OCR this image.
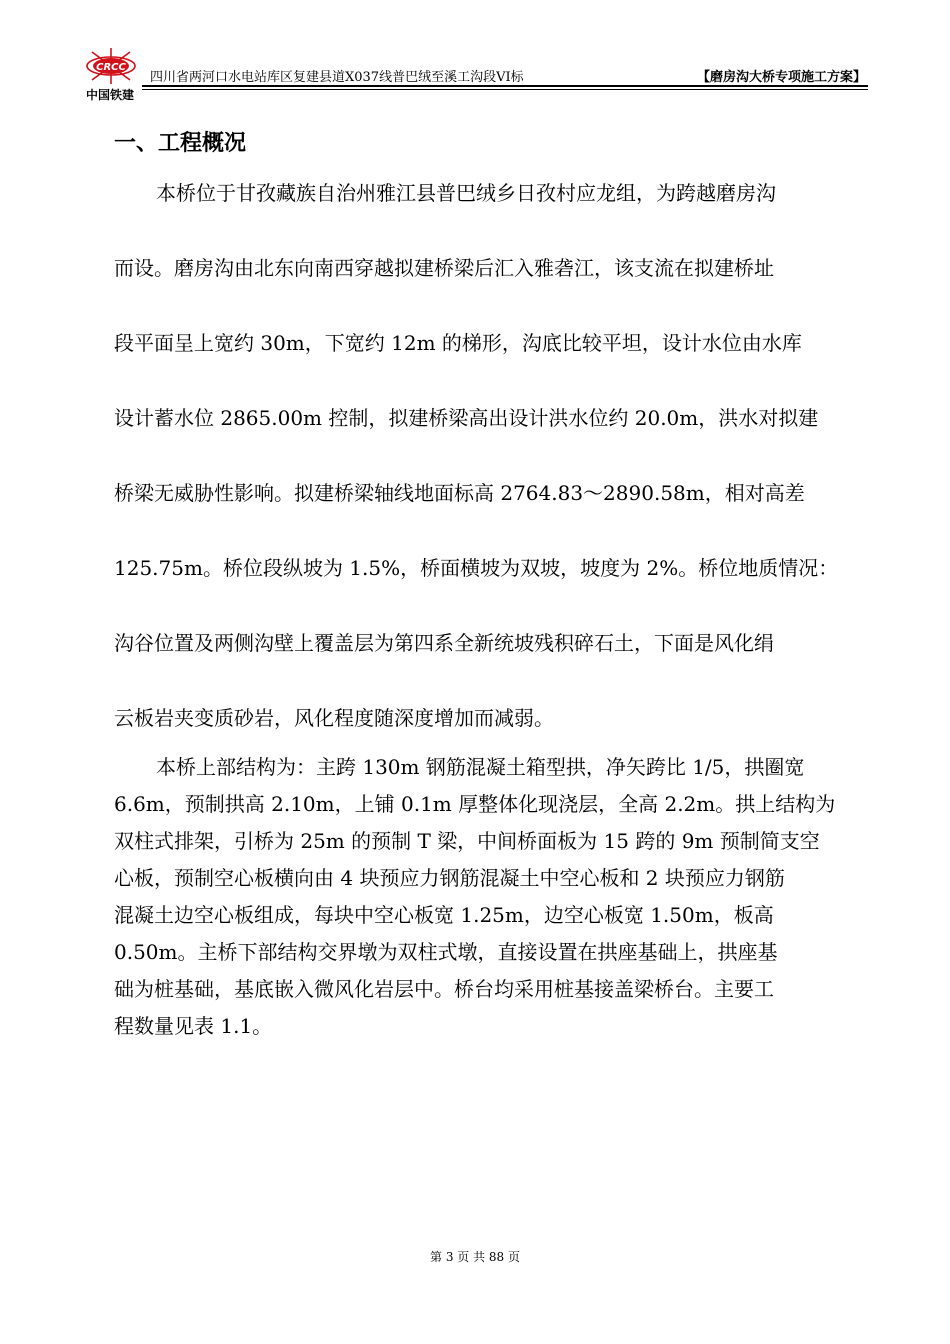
CRCC
中国铁建
四川省两河口水电站库区复建县道X037线普巴绒至溪工沟段VI标	【磨房沟大桥专项施工方案】
一、工程概况
本桥位于甘孜藏族自治州雅江县普巴绒乡日孜村应龙组，为跨越磨房沟
而设。磨房沟由北东向南西穿越拟建桥梁后汇入雅砻江，该支流在拟建桥址
段平面呈上宽约 30m，下宽约 12m 的梯形，沟底比较平坦，设计水位由水库
设计蓄水位 2865.00m 控制，拟建桥梁高出设计洪水位约 20.0m，洪水对拟建
桥梁无威胁性影响。拟建桥梁轴线地面标高 2764.83～2890.58m，相对高差
125.75m。桥位段纵坡为 1.5%，桥面横坡为双坡，坡度为 2%。桥位地质情况：
沟谷位置及两侧沟壁上覆盖层为第四系全新统坡残积碎石土，下面是风化绢
云板岩夹变质砂岩，风化程度随深度增加而减弱。
本桥上部结构为：主跨 130m 钢筋混凝土箱型拱，净矢跨比 1/5，拱圈宽
6.6m，预制拱高 2.10m，上铺 0.1m 厚整体化现浇层，全高 2.2m。拱上结构为
双柱式排架，引桥为 25m 的预制 T 梁，中间桥面板为 15 跨的 9m 预制简支空
心板，预制空心板横向由 4 块预应力钢筋混凝土中空心板和 2 块预应力钢筋
混凝土边空心板组成，每块中空心板宽 1.25m，边空心板宽 1.50m，板高
0.50m。主桥下部结构交界墩为双柱式墩，直接设置在拱座基础上，拱座基
础为桩基础，基底嵌入微风化岩层中。桥台均采用桩基接盖梁桥台。主要工
程数量见表 1.1。
第 3 页 共 88 页
